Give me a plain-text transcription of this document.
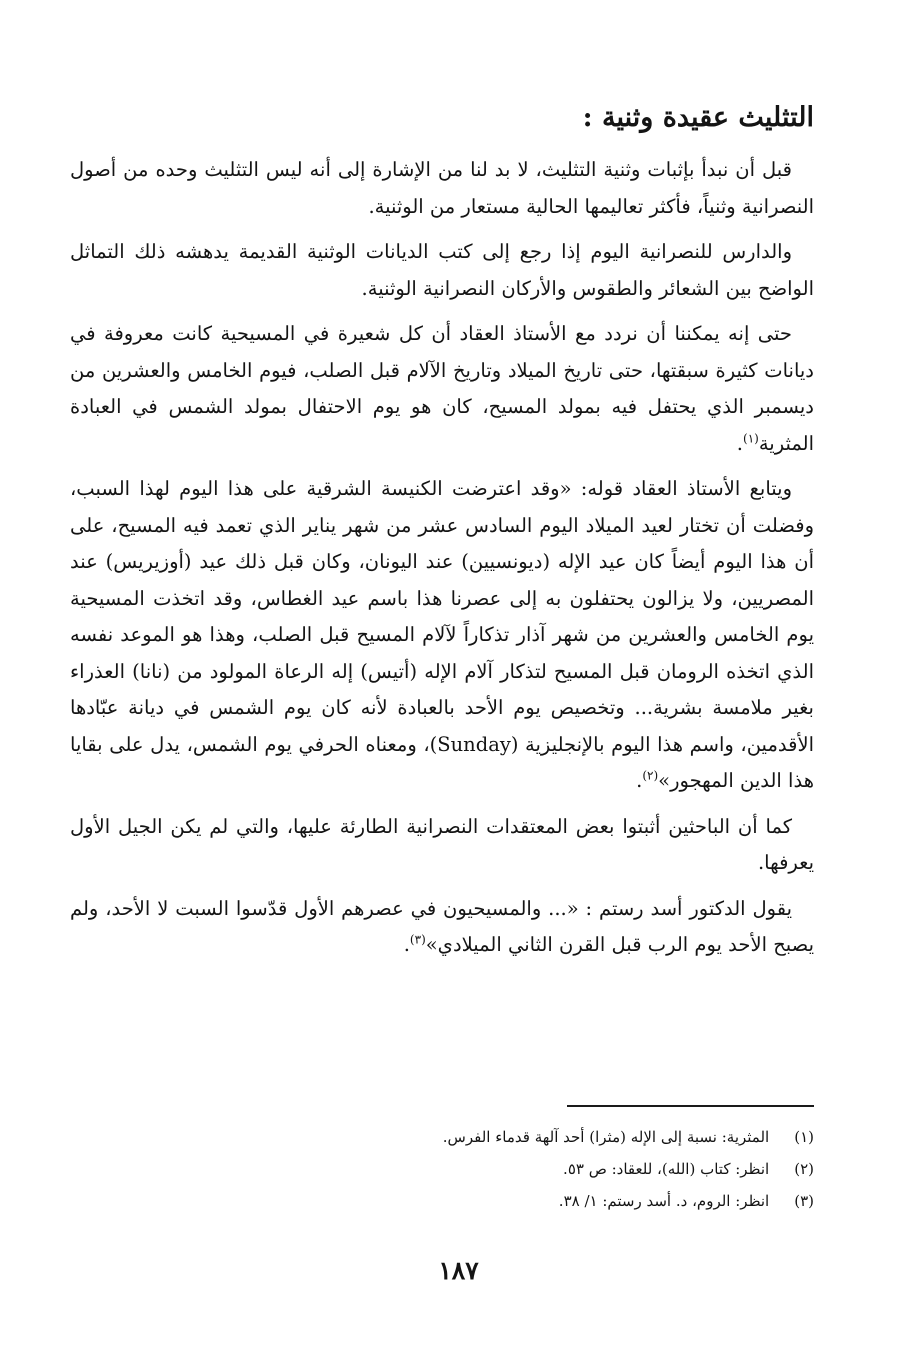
التثليث عقيدة وثنية :

قبل أن نبدأ بإثبات وثنية التثليث، لا بد لنا من الإشارة إلى أنه ليس التثليث وحده من أصول النصرانية وثنياً، فأكثر تعاليمها الحالية مستعار من الوثنية.

والدارس للنصرانية اليوم إذا رجع إلى كتب الديانات الوثنية القديمة يدهشه ذلك التماثل الواضح بين الشعائر والطقوس والأركان النصرانية الوثنية.

حتى إنه يمكننا أن نردد مع الأستاذ العقاد أن كل شعيرة في المسيحية كانت معروفة في ديانات كثيرة سبقتها، حتى تاريخ الميلاد وتاريخ الآلام قبل الصلب، فيوم الخامس والعشرين من ديسمبر الذي يحتفل فيه بمولد المسيح، كان هو يوم الاحتفال بمولد الشمس في العبادة المثرية$^{(١)}$.

ويتابع الأستاذ العقاد قوله: «وقد اعترضت الكنيسة الشرقية على هذا اليوم لهذا السبب، وفضلت أن تختار لعيد الميلاد اليوم السادس عشر من شهر يناير الذي تعمد فيه المسيح، على أن هذا اليوم أيضاً كان عيد الإله (ديونسيين) عند اليونان، وكان قبل ذلك عيد (أوزيريس) عند المصريين، ولا يزالون يحتفلون به إلى عصرنا هذا باسم عيد الغطاس، وقد اتخذت المسيحية يوم الخامس والعشرين من شهر آذار تذكاراً لآلام المسيح قبل الصلب، وهذا هو الموعد نفسه الذي اتخذه الرومان قبل المسيح لتذكار آلام الإله (أتيس) إله الرعاة المولود من (نانا) العذراء بغير ملامسة بشرية... وتخصيص يوم الأحد بالعبادة لأنه كان يوم الشمس في ديانة عبّادها الأقدمين، واسم هذا اليوم بالإنجليزية (Sunday)، ومعناه الحرفي يوم الشمس، يدل على بقايا هذا الدين المهجور»$^{(٢)}$.

كما أن الباحثين أثبتوا بعض المعتقدات النصرانية الطارئة عليها، والتي لم يكن الجيل الأول يعرفها.

يقول الدكتور أسد رستم : «... والمسيحيون في عصرهم الأول قدّسوا السبت لا الأحد، ولم يصبح الأحد يوم الرب قبل القرن الثاني الميلادي»$^{(٣)}$.

(١) المثرية: نسبة إلى الإله (مثرا) أحد آلهة قدماء الفرس.
(٢) انظر: كتاب (الله)، للعقاد: ص ٥٣.
(٣) انظر: الروم، د. أسد رستم: ١/ ٣٨.
١٨٧
